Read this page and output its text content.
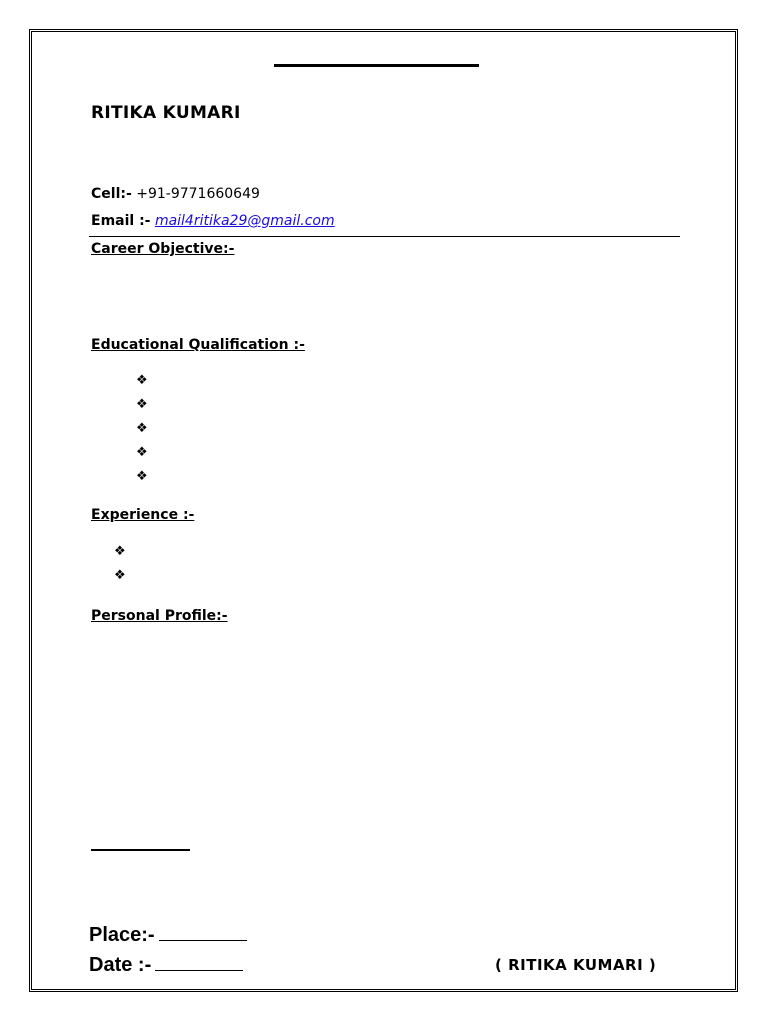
RITIKA KUMARI
Cell:- +91-9771660649
Email :- mail4ritika29@gmail.com
Career Objective:-
Educational Qualification :-
❖
❖
❖
❖
❖
Experience :-
❖
❖
Personal Profile:-
Place:-
Date :-	( RITIKA KUMARI )
